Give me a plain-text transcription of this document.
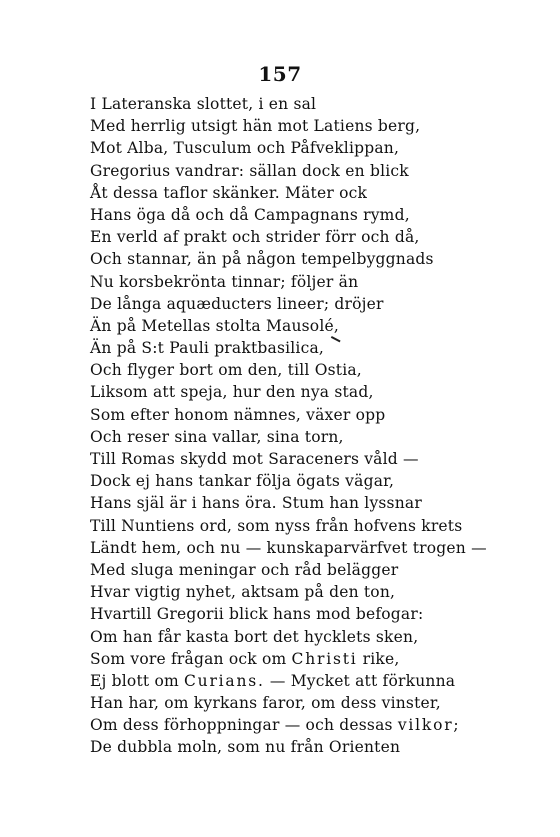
157
I Lateranska slottet, i en sal
Med herrlig utsigt hän mot Latiens berg,
Mot Alba, Tusculum och Påfveklippan,
Gregorius vandrar: sällan dock en blick
Åt dessa taflor skänker. Mäter ock
Hans öga då och då Campagnans rymd,
En verld af prakt och strider förr och då,
Och stannar, än på någon tempelbyggnads
Nu korsbekrönta tinnar; följer än
De långa aquæducters lineer; dröjer
Än på Metellas stolta Mausolé,
Än på S:t Pauli praktbasilica,
Och flyger bort om den, till Ostia,
Liksom att speja, hur den nya stad,
Som efter honom nämnes, växer opp
Och reser sina vallar, sina torn,
Till Romas skydd mot Saraceners våld —
Dock ej hans tankar följa ögats vägar,
Hans själ är i hans öra. Stum han lyssnar
Till Nuntiens ord, som nyss från hofvens krets
Ländt hem, och nu — kunskaparvärfvet trogen —
Med sluga meningar och råd belägger
Hvar vigtig nyhet, aktsam på den ton,
Hvartill Gregorii blick hans mod befogar:
Om han får kasta bort det hycklets sken,
Som vore frågan ock om Christi rike,
Ej blott om Curians. — Mycket att förkunna
Han har, om kyrkans faror, om dess vinster,
Om dess förhoppningar — och dessas vilkor;
De dubbla moln, som nu från Orienten
